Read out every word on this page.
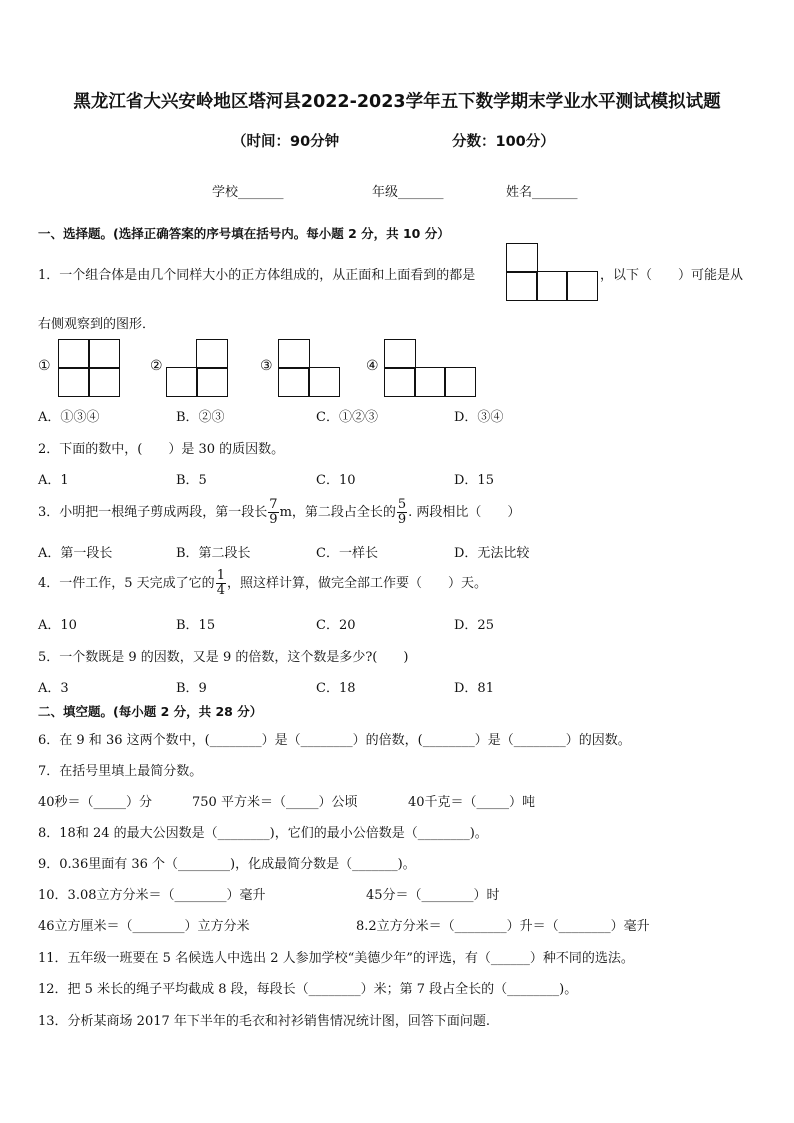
黑龙江省大兴安岭地区塔河县2022-2023学年五下数学期末学业水平测试模拟试题
（时间：90分钟	分数：100分）
学校_______	年级_______	姓名_______
一、选择题。(选择正确答案的序号填在括号内。每小题 2 分，共 10 分）
1．一个组合体是由几个同样大小的正方体组成的，从正面和上面看到的都是	，以下（　　）可能是从
右侧观察到的图形．
①	②	③	④
A．①③④	B．②③	C．①②③	D．③④
2．下面的数中，(　　）是 30 的质因数。
A．1	B．5	C．10	D．15
3．小明把一根绳子剪成两段，第一段长 $\frac{7}{9}$ m，第二段占全长的 $\frac{5}{9}$ . 两段相比（　　）
A．第一段长	B．第二段长	C．一样长	D．无法比较
4．一件工作，5 天完成了它的 $\frac{1}{4}$ ，照这样计算，做完全部工作要（　　）天。
A．10	B．15	C．20	D．25
5．一个数既是 9 的因数，又是 9 的倍数，这个数是多少?(　　)
A．3	B．9	C．18	D．81
二、填空题。(每小题 2 分，共 28 分）
6．在 9 和 36 这两个数中，(________）是（________）的倍数，(________）是（________）的因数。
7．在括号里填上最简分数。
40秒＝（_____）分	750 平方米＝（_____）公顷	40千克＝（_____）吨
8．18和 24 的最大公因数是（________)，它们的最小公倍数是（________)。
9．0.36里面有 36 个（________)，化成最简分数是（_______)。
10．3.08立方分米＝（________）毫升	45分＝（________）时
46立方厘米＝（________）立方分米	8.2立方分米＝（________）升＝（________）毫升
11．五年级一班要在 5 名候选人中选出 2 人参加学校“美德少年”的评选，有（______）种不同的选法。
12．把 5 米长的绳子平均截成 8 段，每段长（________）米；第 7 段占全长的（________)。
13．分析某商场 2017 年下半年的毛衣和衬衫销售情况统计图，回答下面问题.
